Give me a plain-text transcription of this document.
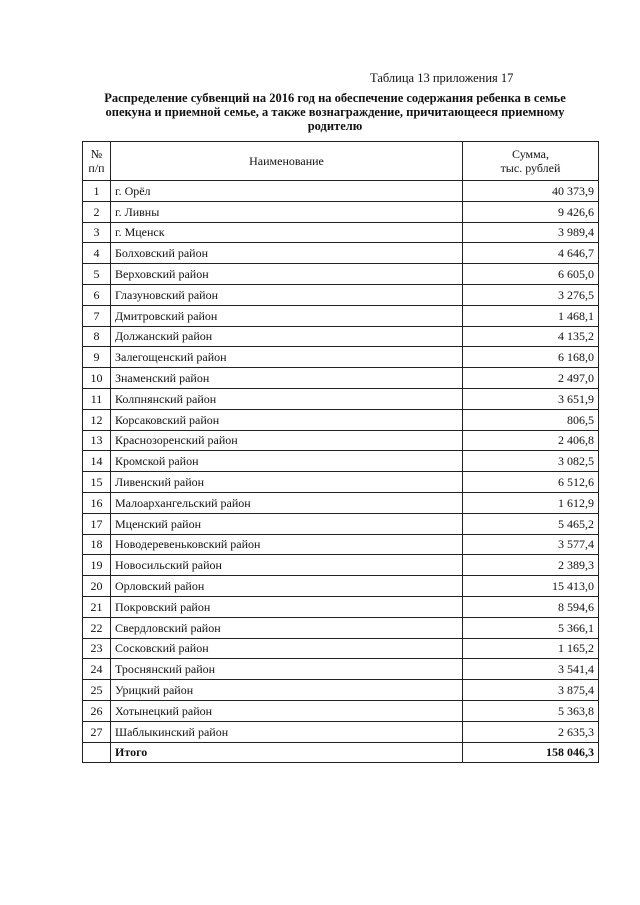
Таблица 13 приложения 17
Распределение субвенций на 2016 год на обеспечение содержания ребенка в семье опекуна и приемной семье, а также вознаграждение, причитающееся приемному родителю
№
п/п	Наименование	Сумма,
тыс. рублей
1	г. Орёл	40 373,9
2	г. Ливны	9 426,6
3	г. Мценск	3 989,4
4	Болховский район	4 646,7
5	Верховский район	6 605,0
6	Глазуновский район	3 276,5
7	Дмитровский район	1 468,1
8	Должанский район	4 135,2
9	Залегощенский район	6 168,0
10	Знаменский район	2 497,0
11	Колпнянский район	3 651,9
12	Корсаковский район	806,5
13	Краснозоренский район	2 406,8
14	Кромской район	3 082,5
15	Ливенский район	6 512,6
16	Малоархангельский район	1 612,9
17	Мценский район	5 465,2
18	Новодеревеньковский район	3 577,4
19	Новосильский район	2 389,3
20	Орловский район	15 413,0
21	Покровский район	8 594,6
22	Свердловский район	5 366,1
23	Сосковский район	1 165,2
24	Троснянский район	3 541,4
25	Урицкий район	3 875,4
26	Хотынецкий район	5 363,8
27	Шаблыкинский район	2 635,3
	Итого	158 046,3
